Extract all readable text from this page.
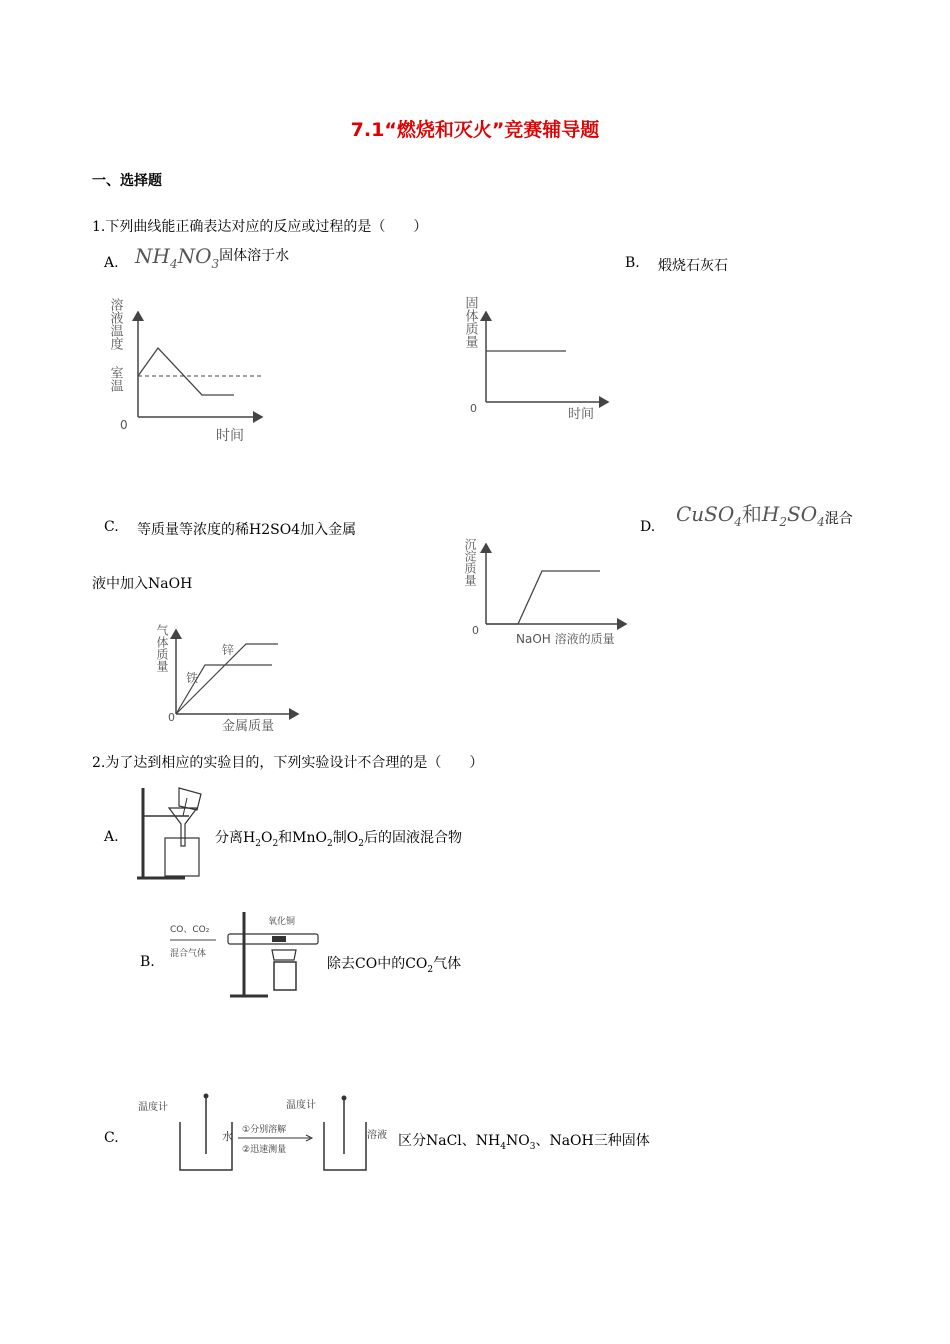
7.1“燃烧和灭火”竞赛辅导题
一、选择题
1.下列曲线能正确表达对应的反应或过程的是（　　）
A. $NH_4NO_3$固体溶于水	B. 煅烧石灰石
溶液温度
室温
0
时间
固体质量
0	时间
C. 等质量等浓度的稀H2SO4加入金属	D.
CuSO$_4$和$H_2SO_4$混合
液中加入NaOH	沉淀质量
0
NaOH 溶液的质量
气体质量	锌
铁
0
金属质量
2.为了达到相应的实验目的，下列实验设计不合理的是（　　）
A.	分离$H_2O_2$和MnO$_2$制$O_2$后的固液混合物
B.
CO、CO₂
混合气体
氧化铜
除去CO中的$CO_2$气体
C.
温度计
水 ①分别溶解
②迅速测量
温度计
溶液 区分NaCl、$NH_4NO_3$、NaOH三种固体
